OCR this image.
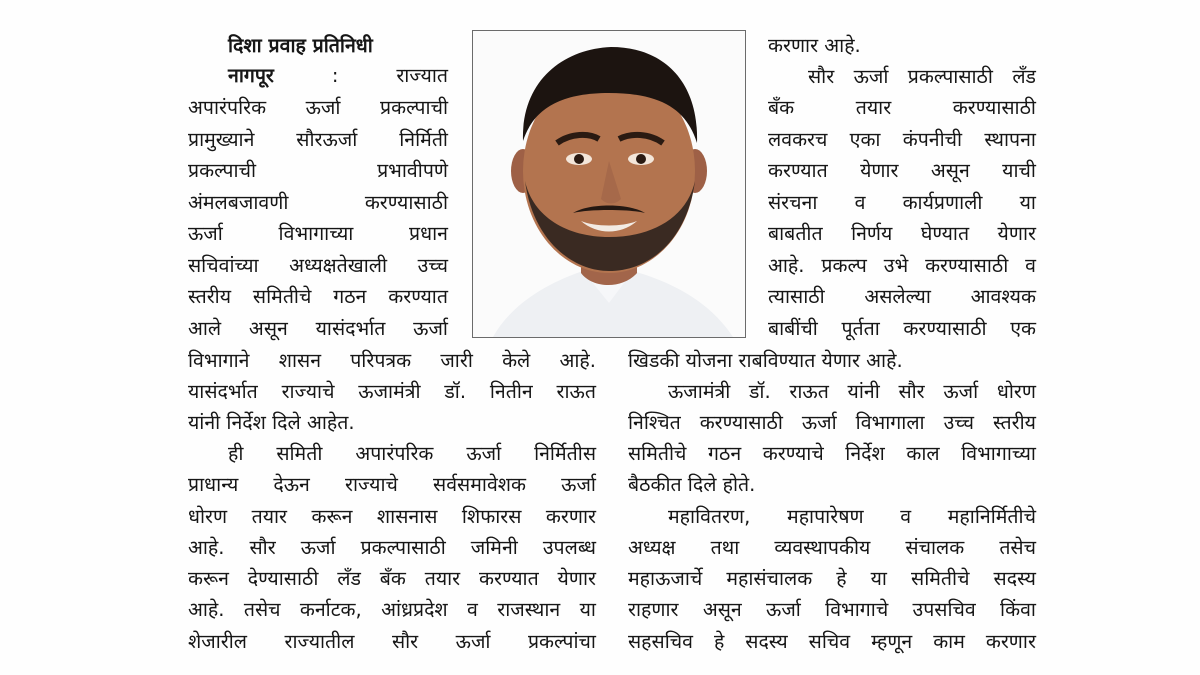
दिशा प्रवाह प्रतिनिधी
नागपूर	:	राज्यात
अपारंपरिक ऊर्जा प्रकल्पाची
प्रामुख्याने सौरऊर्जा निर्मिती
प्रकल्पाची	प्रभावीपणे
अंमलबजावणी	करण्यासाठी
ऊर्जा	विभागाच्या	प्रधान
सचिवांच्या अध्यक्षतेखाली उच्च
स्तरीय समितीचे गठन करण्यात
आले असून यासंदर्भात ऊर्जा
विभागाने शासन परिपत्रक जारी केले आहे.
यासंदर्भात राज्याचे ऊजामंत्री डॉ. नितीन राऊत
यांनी निर्देश दिले आहेत.
ही समिती अपारंपरिक ऊर्जा निर्मितीस
प्राधान्य देऊन राज्याचे सर्वसमावेशक ऊर्जा
धोरण तयार करून शासनास शिफारस करणार
आहे. सौर ऊर्जा प्रकल्पासाठी जमिनी उपलब्ध
करून देण्यासाठी लँड बँक तयार करण्यात येणार
आहे. तसेच कर्नाटक, आंध्रप्रदेश व राजस्थान या
शेजारील राज्यातील सौर ऊर्जा प्रकल्पांचा
करणार आहे.
सौर ऊर्जा प्रकल्पासाठी लँड
बँक	तयार	करण्यासाठी
लवकरच एका कंपनीची स्थापना
करण्यात येणार असून याची
संरचना व कार्यप्रणाली या
बाबतीत निर्णय घेण्यात येणार
आहे. प्रकल्प उभे करण्यासाठी व
त्यासाठी असलेल्या आवश्यक
बाबींची पूर्तता करण्यासाठी एक
खिडकी योजना राबविण्यात येणार आहे.
ऊजामंत्री डॉ. राऊत यांनी सौर ऊर्जा धोरण
निश्चित करण्यासाठी ऊर्जा विभागाला उच्च स्तरीय
समितीचे गठन करण्याचे निर्देश काल विभागाच्या
बैठकीत दिले होते.
महावितरण, महापारेषण व महानिर्मितीचे
अध्यक्ष तथा व्यवस्थापकीय संचालक तसेच
महाऊजार्चे महासंचालक हे या समितीचे सदस्य
राहणार असून ऊर्जा विभागाचे उपसचिव किंवा
सहसचिव हे सदस्य सचिव म्हणून काम करणार
